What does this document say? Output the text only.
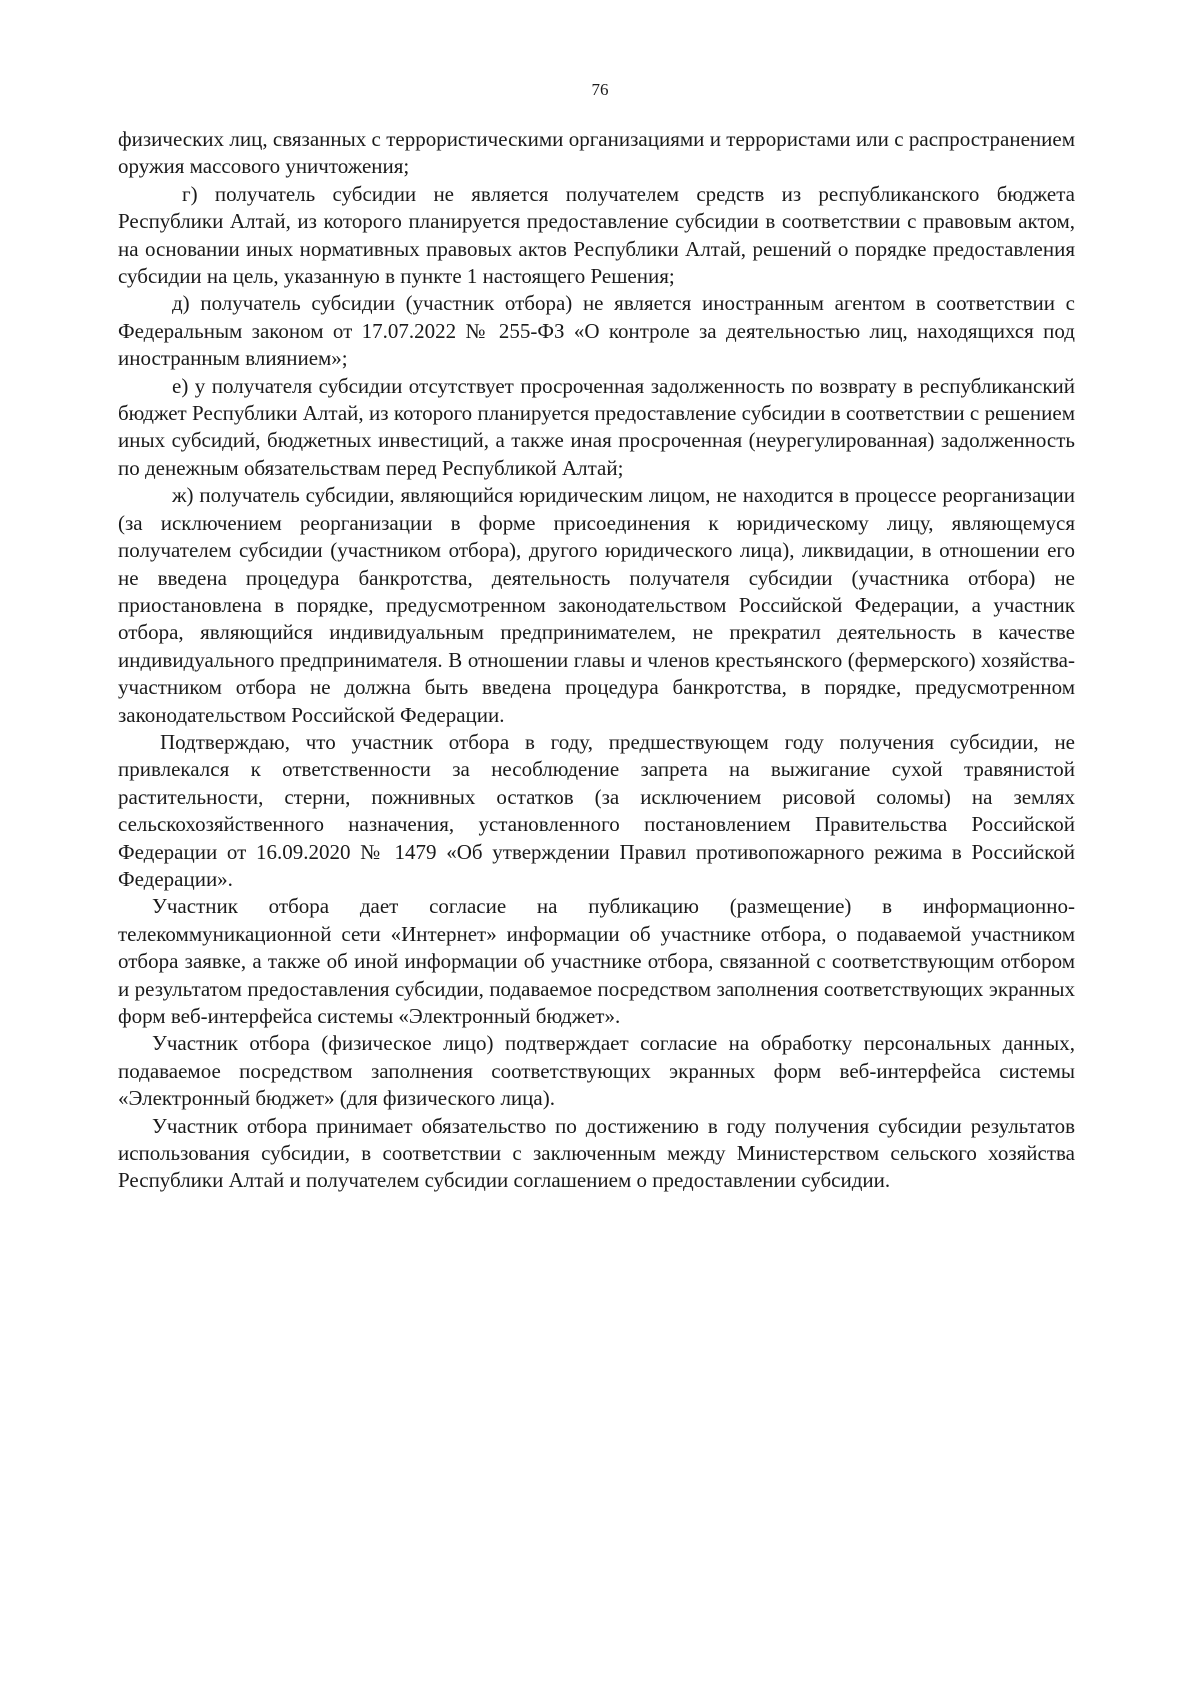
76

физических лиц, связанных с террористическими организациями и террористами или с распространением оружия массового уничтожения;

г) получатель субсидии не является получателем средств из республиканского бюджета Республики Алтай, из которого планируется предоставление субсидии в соответствии с правовым актом, на основании иных нормативных правовых актов Республики Алтай, решений о порядке предоставления субсидии на цель, указанную в пункте 1 настоящего Решения;

д) получатель субсидии (участник отбора) не является иностранным агентом в соответствии с Федеральным законом от 17.07.2022 № 255-ФЗ «О контроле за деятельностью лиц, находящихся под иностранным влиянием»;

е) у получателя субсидии отсутствует просроченная задолженность по возврату в республиканский бюджет Республики Алтай, из которого планируется предоставление субсидии в соответствии с решением иных субсидий, бюджетных инвестиций, а также иная просроченная (неурегулированная) задолженность по денежным обязательствам перед Республикой Алтай;

ж) получатель субсидии, являющийся юридическим лицом, не находится в процессе реорганизации (за исключением реорганизации в форме присоединения к юридическому лицу, являющемуся получателем субсидии (участником отбора), другого юридического лица), ликвидации, в отношении его не введена процедура банкротства, деятельность получателя субсидии (участника отбора) не приостановлена в порядке, предусмотренном законодательством Российской Федерации, а участник отбора, являющийся индивидуальным предпринимателем, не прекратил деятельность в качестве индивидуального предпринимателя. В отношении главы и членов крестьянского (фермерского) хозяйства-участником отбора не должна быть введена процедура банкротства, в порядке, предусмотренном законодательством Российской Федерации.

Подтверждаю, что участник отбора в году, предшествующем году получения субсидии, не привлекался к ответственности за несоблюдение запрета на выжигание сухой травянистой растительности, стерни, пожнивных остатков (за исключением рисовой соломы) на землях сельскохозяйственного назначения, установленного постановлением Правительства Российской Федерации от 16.09.2020 № 1479 «Об утверждении Правил противопожарного режима в Российской Федерации».

Участник отбора дает согласие на публикацию (размещение) в информационно-телекоммуникационной сети «Интернет» информации об участнике отбора, о подаваемой участником отбора заявке, а также об иной информации об участнике отбора, связанной с соответствующим отбором и результатом предоставления субсидии, подаваемое посредством заполнения соответствующих экранных форм веб-интерфейса системы «Электронный бюджет».

Участник отбора (физическое лицо) подтверждает согласие на обработку персональных данных, подаваемое посредством заполнения соответствующих экранных форм веб-интерфейса системы «Электронный бюджет» (для физического лица).

Участник отбора принимает обязательство по достижению в году получения субсидии результатов использования субсидии, в соответствии с заключенным между Министерством сельского хозяйства Республики Алтай и получателем субсидии соглашением о предоставлении субсидии.
